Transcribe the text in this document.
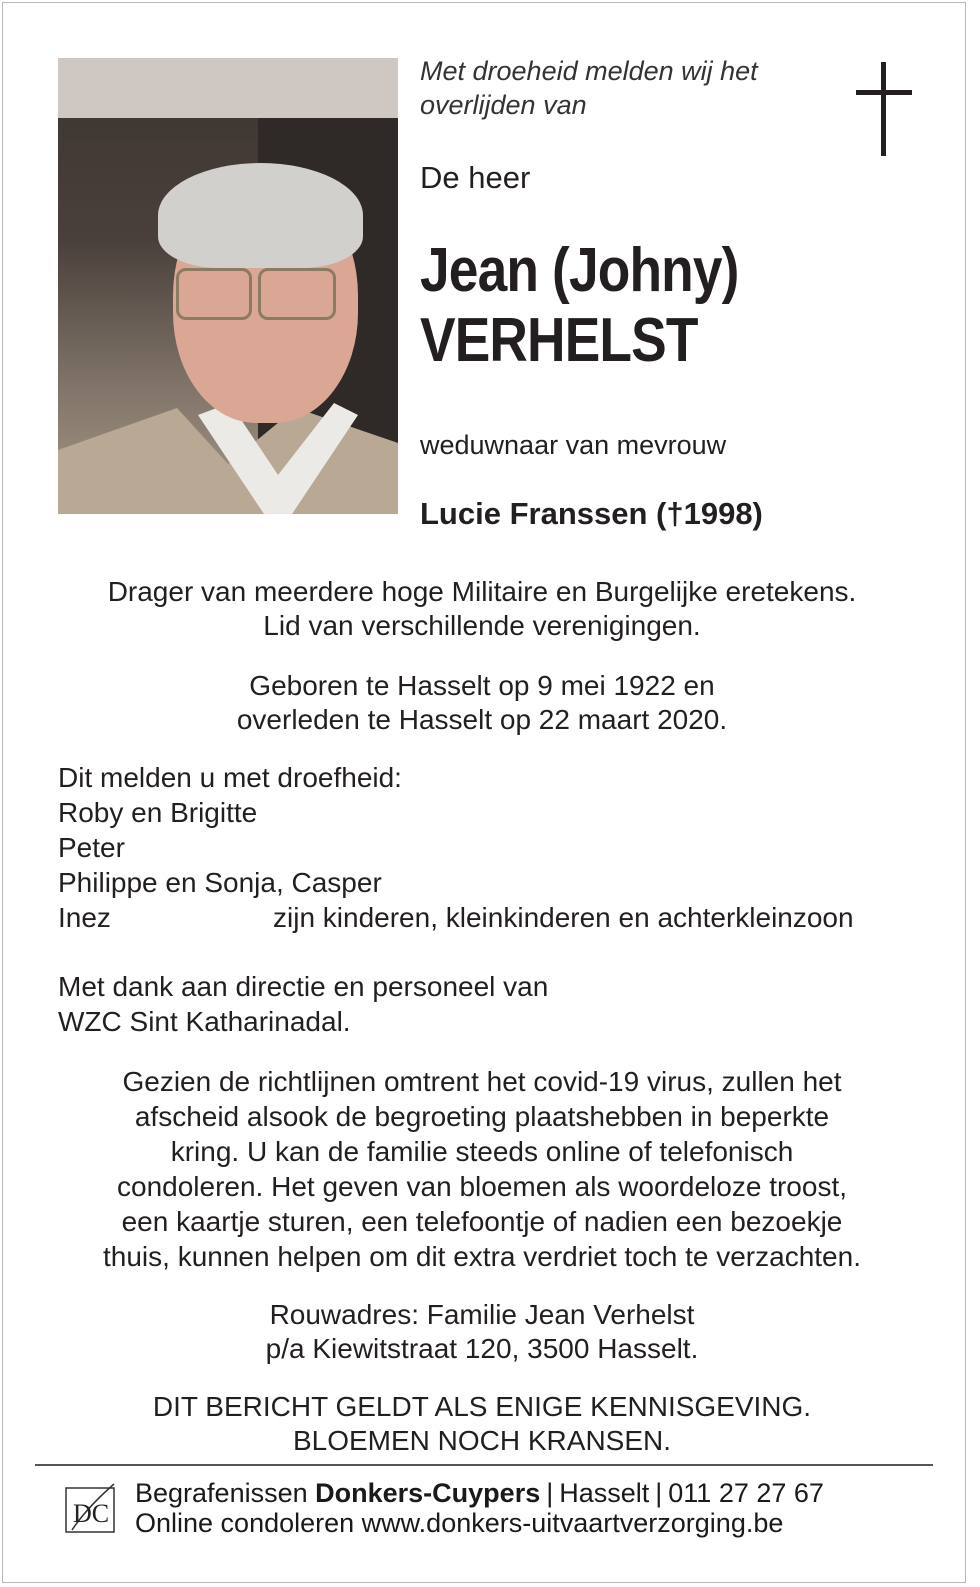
Met droeheid melden wij het
overlijden van
De heer
Jean (Johny)
VERHELST
weduwnaar van mevrouw
Lucie Franssen (†1998)
Drager van meerdere hoge Militaire en Burgelijke eretekens.
Lid van verschillende verenigingen.
Geboren te Hasselt op 9 mei 1922 en
overleden te Hasselt op 22 maart 2020.
Dit melden u met droefheid:
Roby en Brigitte
Peter
Philippe en Sonja, Casper
Inez	zijn kinderen, kleinkinderen en achterkleinzoon
Met dank aan directie en personeel van
WZC Sint Katharinadal.
Gezien de richtlijnen omtrent het covid-19 virus, zullen het
afscheid alsook de begroeting plaatshebben in beperkte
kring. U kan de familie steeds online of telefonisch
condoleren. Het geven van bloemen als woordeloze troost,
een kaartje sturen, een telefoontje of nadien een bezoekje
thuis, kunnen helpen om dit extra verdriet toch te verzachten.
Rouwadres: Familie Jean Verhelst
p/a Kiewitstraat 120, 3500 Hasselt.
DIT BERICHT GELDT ALS ENIGE KENNISGEVING.
BLOEMEN NOCH KRANSEN.
DC
Begrafenissen Donkers-Cuypers | Hasselt | 011 27 27 67
Online condoleren www.donkers-uitvaartverzorging.be
